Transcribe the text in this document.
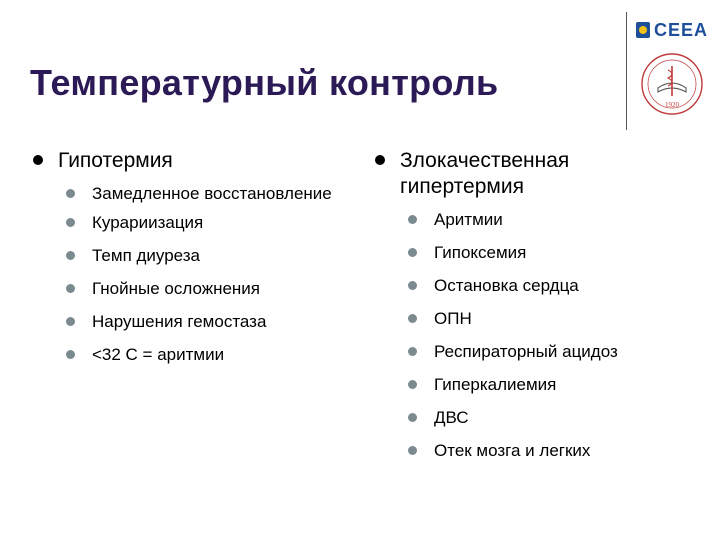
Температурный контроль
CEEA
1920
Гипотермия
Замедленное восстановление
Курариизация
Темп диуреза
Гнойные осложнения
Нарушения гемостаза
<32 С = аритмии
Злокачественная гипертермия
Аритмии
Гипоксемия
Остановка сердца
ОПН
Респираторный ацидоз
Гиперкалиемия
ДВС
Отек мозга и легких
